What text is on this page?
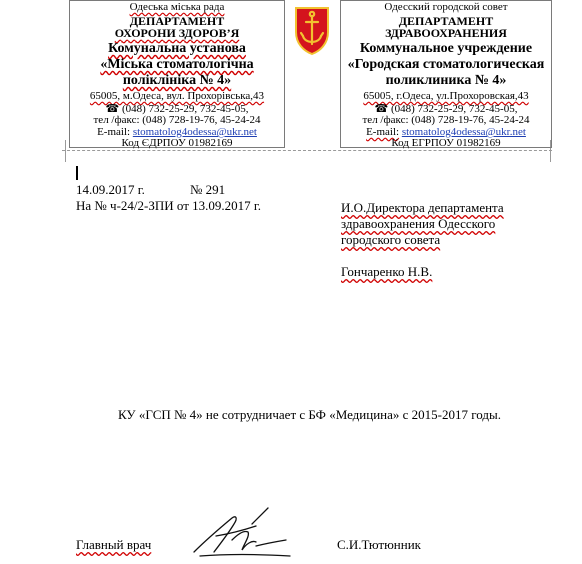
Одеська міська рада
ДЕПАРТАМЕНТ
ОХОРОНИ ЗДОРОВ’Я
Комунальна установа
«Міська стоматологічна
поліклініка № 4»
65005, м.Одеса, вул. Прохорівська,43
☎ (048) 732-25-29, 732-45-05,
тел /факс: (048) 728-19-76, 45-24-24
E-mail: stomatolog4odessa@ukr.net
Код ЄДРПОУ 01982169
Одесский городской совет
ДЕПАРТАМЕНТ
ЗДРАВООХРАНЕНИЯ
Коммунальное учреждение
«Городская стоматологическая
поликлиника № 4»
65005, г.Одеса, ул.Прохоровская,43
☎ (048) 732-25-29, 732-45-05,
тел /факс: (048) 728-19-76, 45-24-24
E-mail: stomatolog4odessa@ukr.net
Код ЕГРПОУ 01982169
14.09.2017 г.	№ 291
На № ч-24/2-ЗПИ от 13.09.2017 г.	И.О.Директора департамента
здравоохранения Одесского
городского совета
Гончаренко Н.В.
КУ «ГСП № 4» не сотрудничает с БФ «Медицина» с 2015-2017 годы.
Главный врач	С.И.Тютюнник
